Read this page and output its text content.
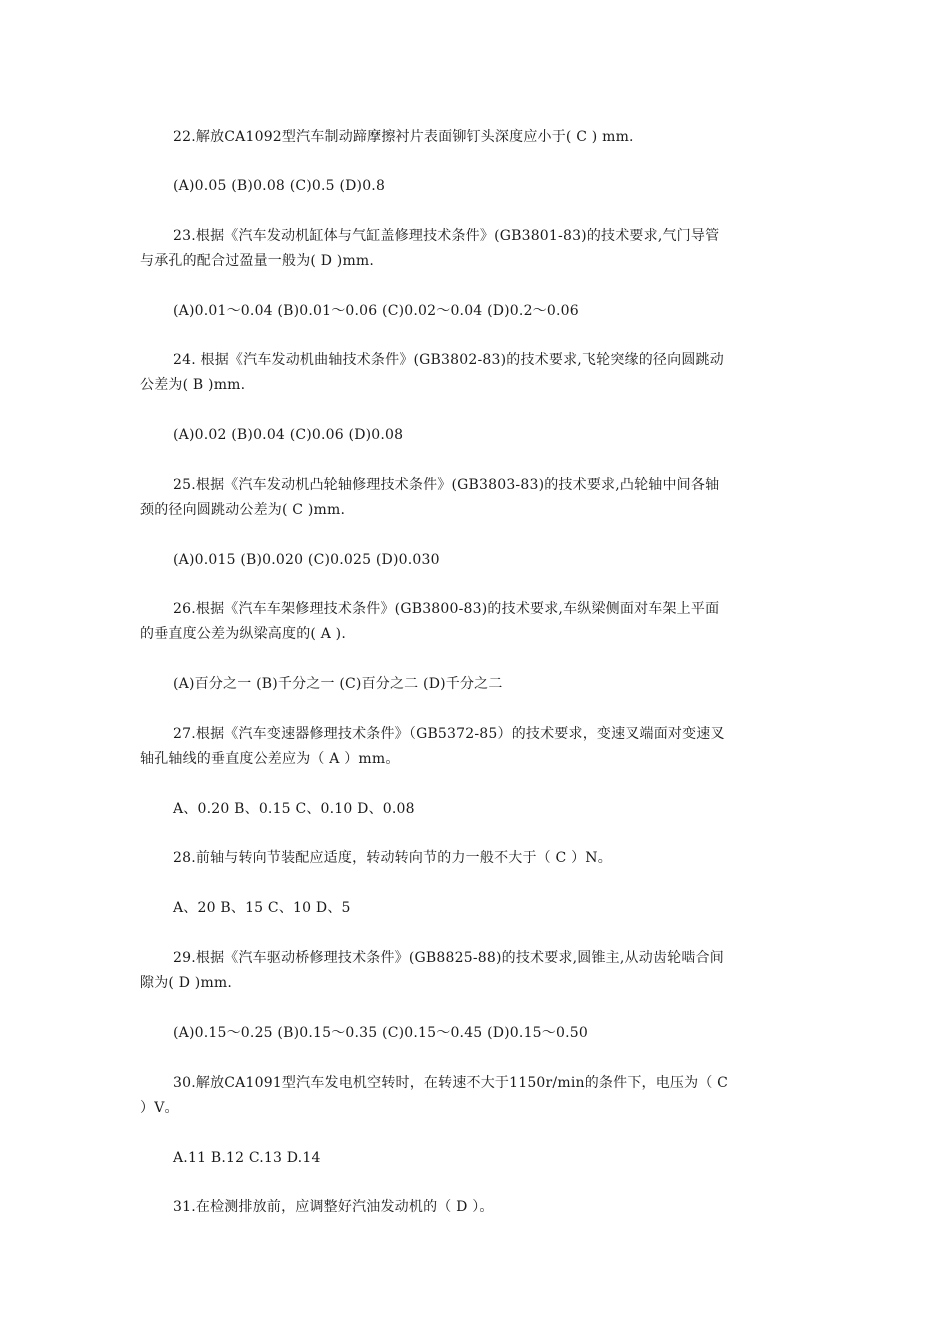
22.解放CA1092型汽车制动蹄摩擦衬片表面铆钉头深度应小于( C ) mm.
(A)0.05 (B)0.08 (C)0.5 (D)0.8
23.根据《汽车发动机缸体与气缸盖修理技术条件》(GB3801-83)的技术要求,气门导管
与承孔的配合过盈量一般为( D )mm.
(A)0.01～0.04 (B)0.01～0.06 (C)0.02～0.04 (D)0.2～0.06
24. 根据《汽车发动机曲轴技术条件》(GB3802-83)的技术要求,飞轮突缘的径向圆跳动
公差为( B )mm.
(A)0.02 (B)0.04 (C)0.06 (D)0.08
25.根据《汽车发动机凸轮轴修理技术条件》(GB3803-83)的技术要求,凸轮轴中间各轴
颈的径向圆跳动公差为( C )mm.
(A)0.015 (B)0.020 (C)0.025 (D)0.030
26.根据《汽车车架修理技术条件》(GB3800-83)的技术要求,车纵梁侧面对车架上平面
的垂直度公差为纵梁高度的( A ).
(A)百分之一 (B)千分之一 (C)百分之二 (D)千分之二
27.根据《汽车变速器修理技术条件》（GB5372-85）的技术要求，变速叉端面对变速叉
轴孔轴线的垂直度公差应为（ A ）mm。
A、0.20 B、0.15 C、0.10 D、0.08
28.前轴与转向节装配应适度，转动转向节的力一般不大于（ C ）N。
A、20 B、15 C、10 D、5
29.根据《汽车驱动桥修理技术条件》(GB8825-88)的技术要求,圆锥主,从动齿轮啮合间
隙为( D )mm.
(A)0.15～0.25 (B)0.15～0.35 (C)0.15～0.45 (D)0.15～0.50
30.解放CA1091型汽车发电机空转时，在转速不大于1150r/min的条件下，电压为（ C
）V。
A.11 B.12 C.13 D.14
31.在检测排放前，应调整好汽油发动机的（ D ）。
